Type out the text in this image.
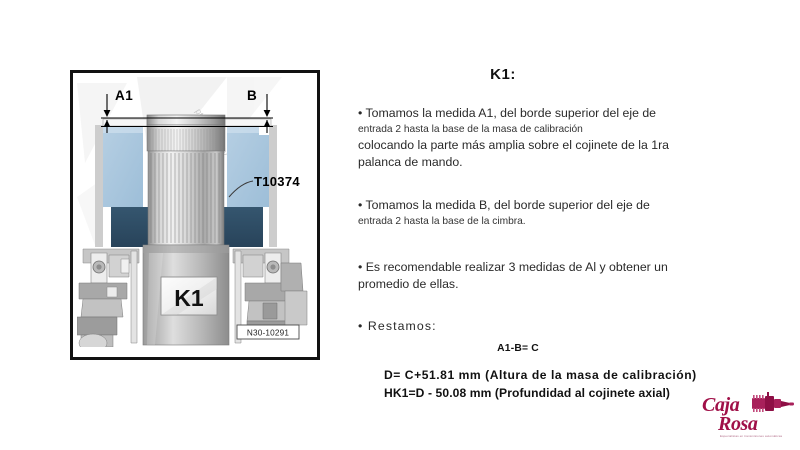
pt
A1	B
T10374
K1
N30-10291
K1:
• Tomamos la medida A1, del borde superior del eje de
entrada 2 hasta la base de la masa de calibración
colocando la parte más amplia sobre el cojinete de la 1ra
palanca de mando.
• Tomamos la medida B, del borde superior del eje de
entrada 2 hasta la base de la cimbra.
• Es recomendable realizar 3 medidas de Al y obtener un
promedio de ellas.
• Restamos:
A1-B= C
D= C+51.81 mm (Altura de la masa de calibración)
HK1=D - 50.08 mm (Profundidad al cojinete axial)
Caja
Rosa
Especialistas en transmisiones automáticas
